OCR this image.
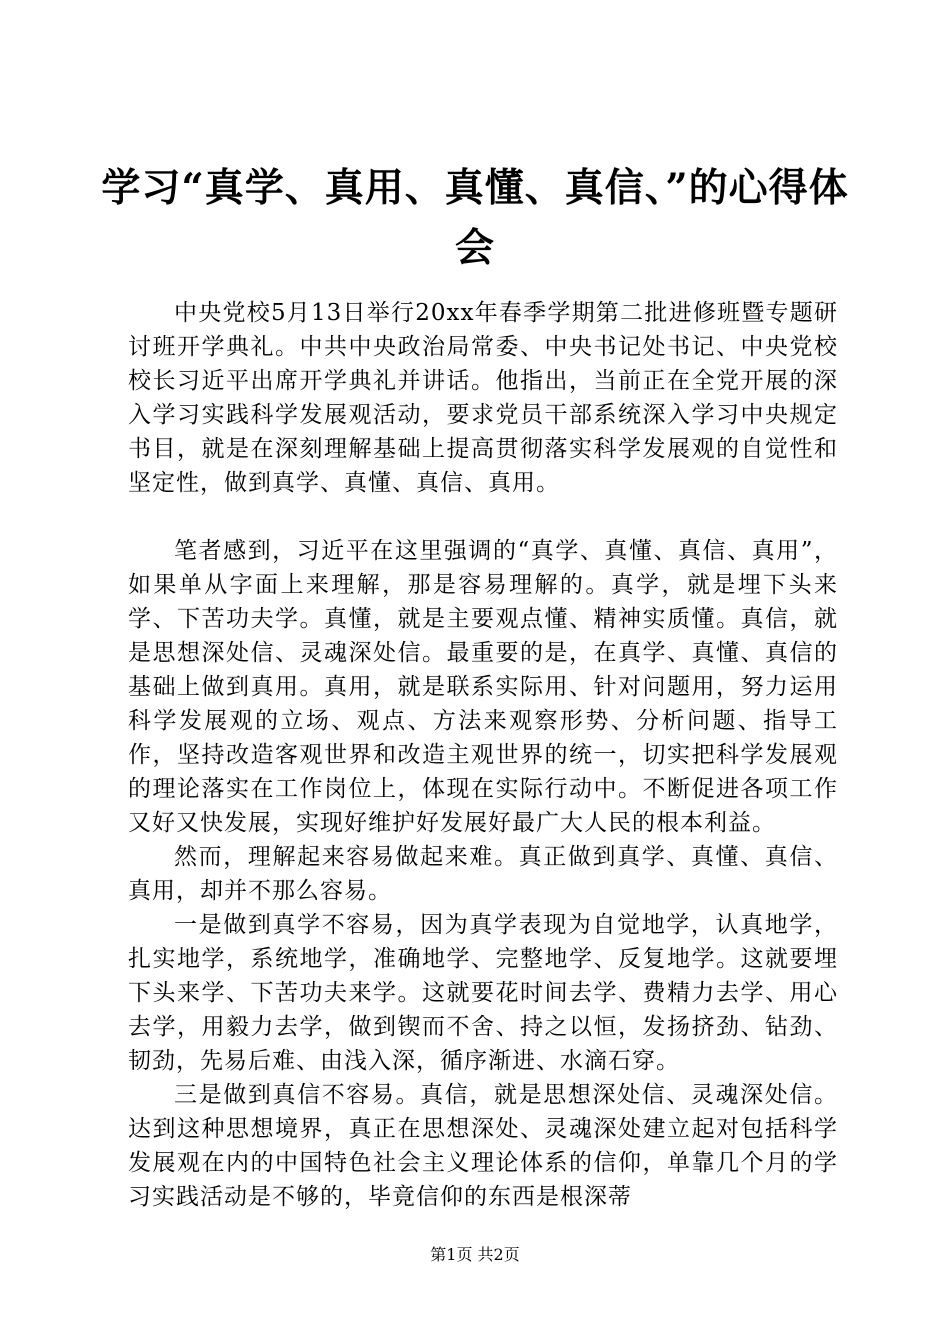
学习“真学、真用、真懂、真信、”的心得体会

中央党校5月13日举行20xx年春季学期第二批进修班暨专题研讨班开学典礼。中共中央政治局常委、中央书记处书记、中央党校校长习近平出席开学典礼并讲话。他指出，当前正在全党开展的深入学习实践科学发展观活动，要求党员干部系统深入学习中央规定书目，就是在深刻理解基础上提高贯彻落实科学发展观的自觉性和坚定性，做到真学、真懂、真信、真用。

笔者感到，习近平在这里强调的“真学、真懂、真信、真用”，如果单从字面上来理解，那是容易理解的。真学，就是埋下头来学、下苦功夫学。真懂，就是主要观点懂、精神实质懂。真信，就是思想深处信、灵魂深处信。最重要的是，在真学、真懂、真信的基础上做到真用。真用，就是联系实际用、针对问题用，努力运用科学发展观的立场、观点、方法来观察形势、分析问题、指导工作，坚持改造客观世界和改造主观世界的统一，切实把科学发展观的理论落实在工作岗位上，体现在实际行动中。不断促进各项工作又好又快发展，实现好维护好发展好最广大人民的根本利益。

然而，理解起来容易做起来难。真正做到真学、真懂、真信、真用，却并不那么容易。

一是做到真学不容易，因为真学表现为自觉地学，认真地学，扎实地学，系统地学，准确地学、完整地学、反复地学。这就要埋下头来学、下苦功夫来学。这就要花时间去学、费精力去学、用心去学，用毅力去学，做到锲而不舍、持之以恒，发扬挤劲、钻劲、韧劲，先易后难、由浅入深，循序渐进、水滴石穿。

三是做到真信不容易。真信，就是思想深处信、灵魂深处信。达到这种思想境界，真正在思想深处、灵魂深处建立起对包括科学发展观在内的中国特色社会主义理论体系的信仰，单靠几个月的学习实践活动是不够的，毕竟信仰的东西是根深蒂

第1页 共2页
